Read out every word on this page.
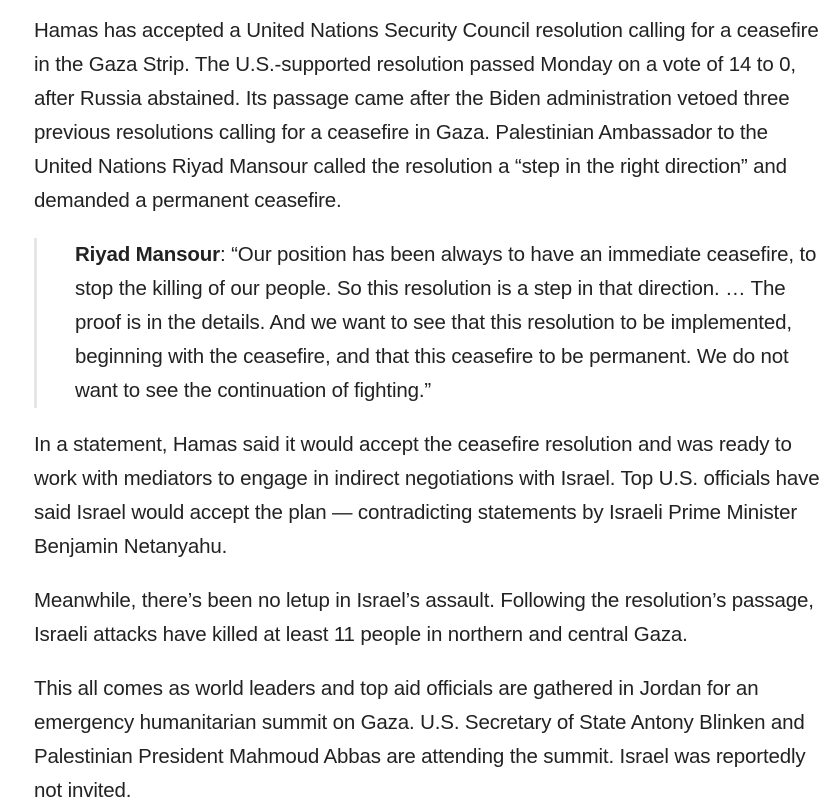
Hamas has accepted a United Nations Security Council resolution calling for a ceasefire in the Gaza Strip. The U.S.-supported resolution passed Monday on a vote of 14 to 0, after Russia abstained. Its passage came after the Biden administration vetoed three previous resolutions calling for a ceasefire in Gaza. Palestinian Ambassador to the United Nations Riyad Mansour called the resolution a “step in the right direction” and demanded a permanent ceasefire.

Riyad Mansour: “Our position has been always to have an immediate ceasefire, to stop the killing of our people. So this resolution is a step in that direction. … The proof is in the details. And we want to see that this resolution to be implemented, beginning with the ceasefire, and that this ceasefire to be permanent. We do not want to see the continuation of fighting.”

In a statement, Hamas said it would accept the ceasefire resolution and was ready to work with mediators to engage in indirect negotiations with Israel. Top U.S. officials have said Israel would accept the plan — contradicting statements by Israeli Prime Minister Benjamin Netanyahu.

Meanwhile, there’s been no letup in Israel’s assault. Following the resolution’s passage, Israeli attacks have killed at least 11 people in northern and central Gaza.

This all comes as world leaders and top aid officials are gathered in Jordan for an emergency humanitarian summit on Gaza. U.S. Secretary of State Antony Blinken and Palestinian President Mahmoud Abbas are attending the summit. Israel was reportedly not invited.
